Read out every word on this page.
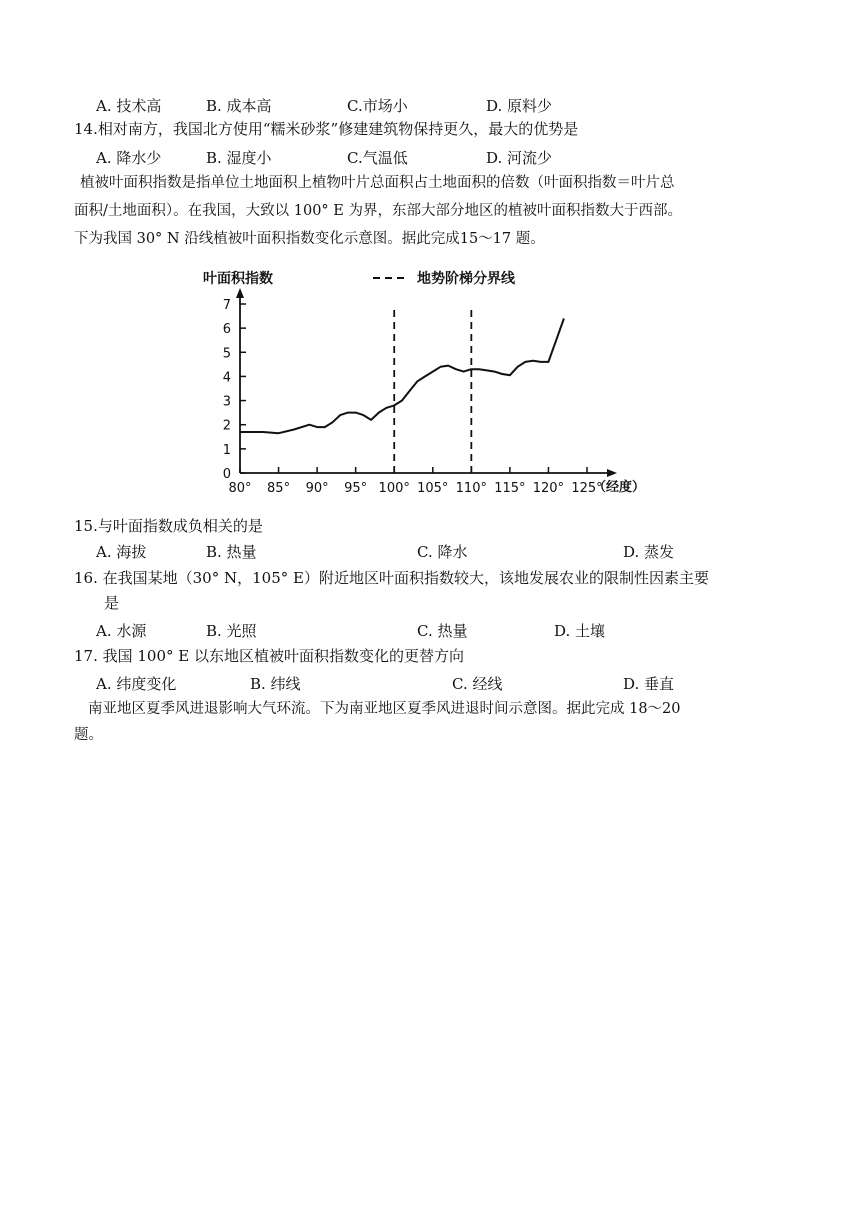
A. 技术高	B. 成本高	C.市场小	D. 原料少
14.相对南方，我国北方使用“糯米砂浆”修建建筑物保持更久，最大的优势是
A. 降水少	B. 湿度小	C.气温低	D. 河流少
植被叶面积指数是指单位土地面积上植物叶片总面积占土地面积的倍数（叶面积指数＝叶片总
面积/土地面积）。在我国，大致以 100° E 为界，东部大部分地区的植被叶面积指数大于西部。
下为我国 30° N 沿线植被叶面积指数变化示意图。据此完成15～17 题。
叶面积指数	地势阶梯分界线
0
1
2
3
4
5
6
7
80° 85° 90° 95° 100° 105° 110° 115° 120° 125°
（经度）
15.与叶面指数成负相关的是
A. 海拔	B. 热量	C. 降水	D. 蒸发
16. 在我国某地（30° N，105° E）附近地区叶面积指数较大，该地发展农业的限制性因素主要
是
A. 水源	B. 光照	C. 热量	D. 土壤
17. 我国 100° E 以东地区植被叶面积指数变化的更替方向
A. 纬度变化	B. 纬线	C. 经线	D. 垂直
南亚地区夏季风进退影响大气环流。下为南亚地区夏季风进退时间示意图。据此完成 18～20
题。
